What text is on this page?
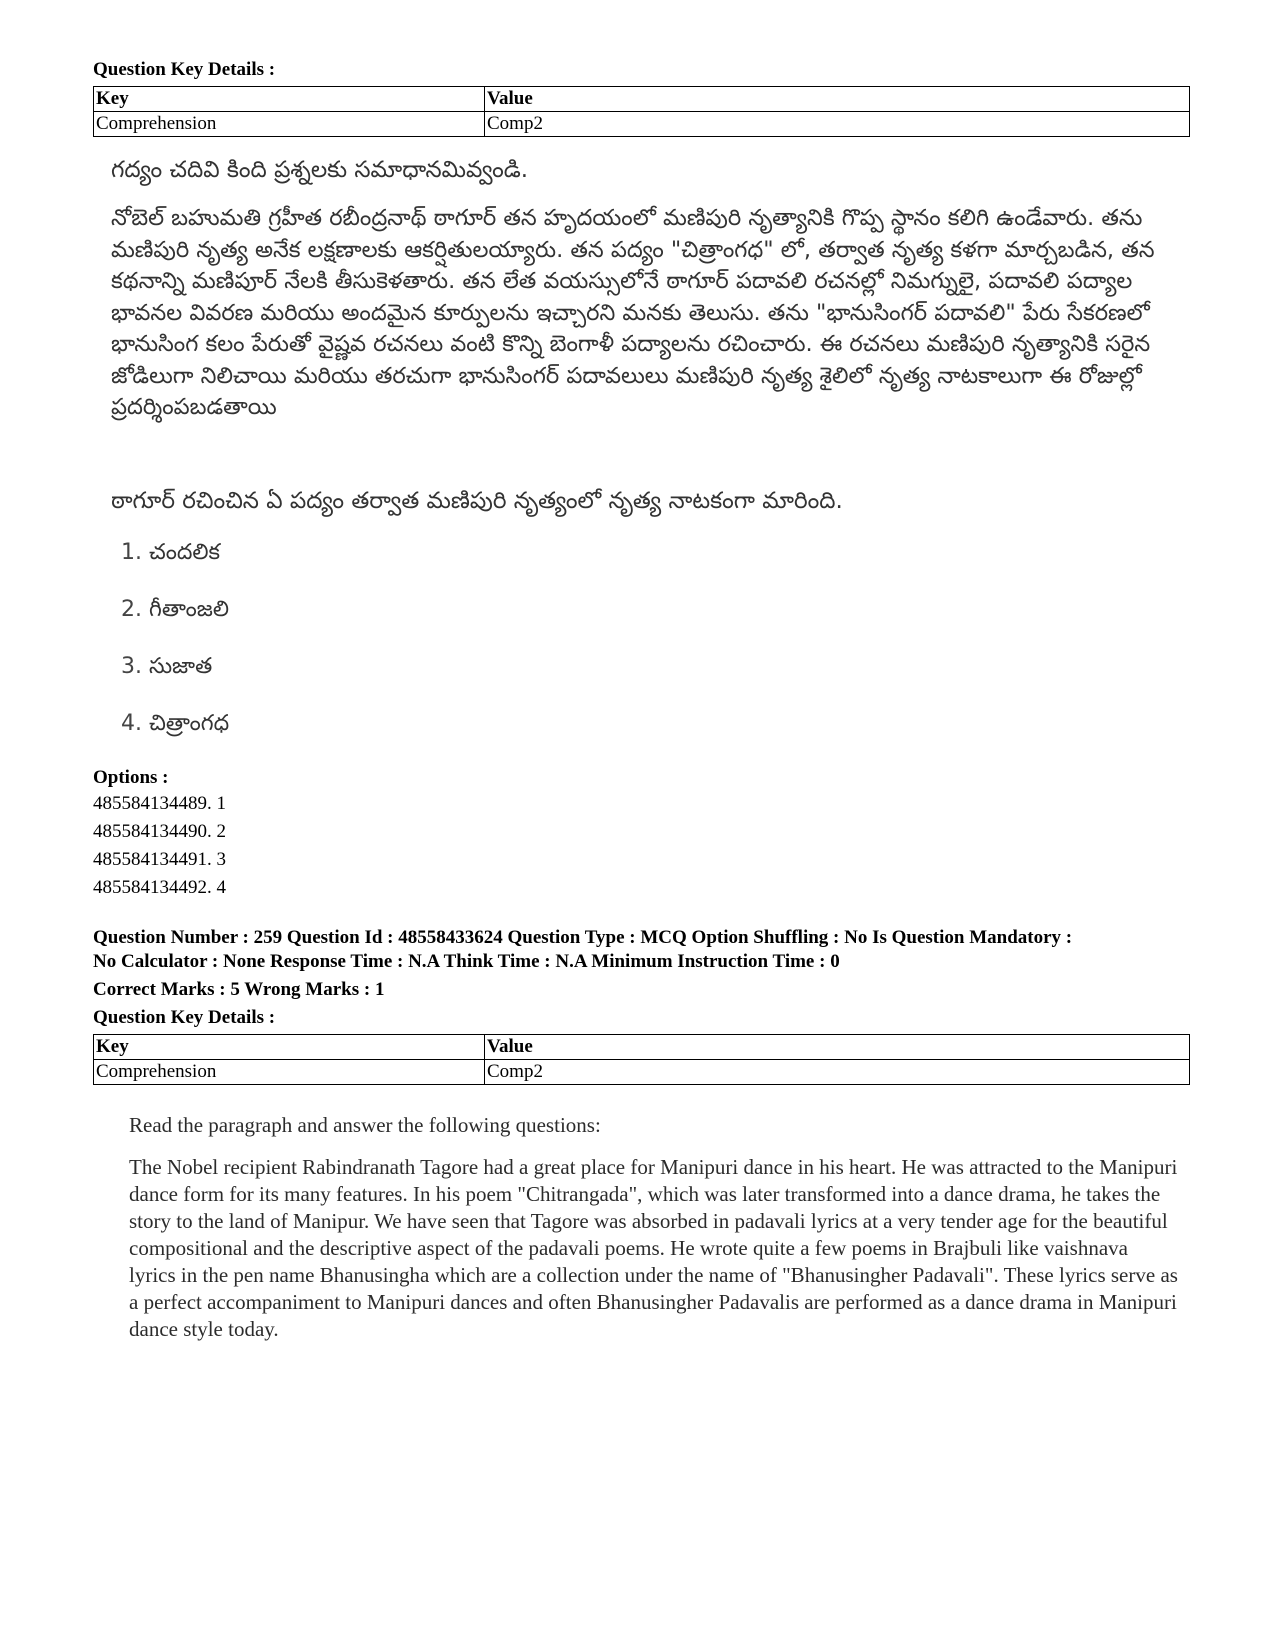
Question Key Details :
Key	Value
Comprehension	Comp2
గద్యం చదివి కింది ప్రశ్నలకు సమాధానమివ్వండి.
నోబెల్ బహుమతి గ్రహీత రబీంద్రనాథ్ ఠాగూర్ తన హృదయంలో మణిపురి నృత్యానికి గొప్ప స్థానం కలిగి ఉండేవారు. తను మణిపురి నృత్య అనేక లక్షణాలకు ఆకర్షితులయ్యారు. తన పద్యం "చిత్రాంగధ" లో, తర్వాత నృత్య కళగా మార్చబడిన, తన కథనాన్ని మణిపూర్ నేలకి తీసుకెళతారు. తన లేత వయస్సులోనే ఠాగూర్ పదావలి రచనల్లో నిమగ్నులై, పదావలి పద్యాల భావనల వివరణ మరియు అందమైన కూర్పులను ఇచ్చారని మనకు తెలుసు. తను "భానుసింగర్ పదావలి" పేరు సేకరణలో భానుసింగ కలం పేరుతో వైష్ణవ రచనలు వంటి కొన్ని బెంగాళీ పద్యాలను రచించారు. ఈ రచనలు మణిపురి నృత్యానికి సరైన జోడిలుగా నిలిచాయి మరియు తరచుగా భానుసింగర్ పదావలులు మణిపురి నృత్య శైలిలో నృత్య నాటకాలుగా ఈ రోజుల్లో ప్రదర్శింపబడతాయి
ఠాగూర్ రచించిన ఏ పద్యం తర్వాత మణిపురి నృత్యంలో నృత్య నాటకంగా మారింది.
1. చందలిక
2. గీతాంజలి
3. సుజాత
4. చిత్రాంగధ
Options :
485584134489. 1
485584134490. 2
485584134491. 3
485584134492. 4
Question Number : 259 Question Id : 48558433624 Question Type : MCQ Option Shuffling : No Is Question Mandatory :
No Calculator : None Response Time : N.A Think Time : N.A Minimum Instruction Time : 0
Correct Marks : 5 Wrong Marks : 1
Question Key Details :
Key	Value
Comprehension	Comp2
Read the paragraph and answer the following questions:
The Nobel recipient Rabindranath Tagore had a great place for Manipuri dance in his heart. He was attracted to the Manipuri dance form for its many features. In his poem "Chitrangada", which was later transformed into a dance drama, he takes the story to the land of Manipur. We have seen that Tagore was absorbed in padavali lyrics at a very tender age for the beautiful compositional and the descriptive aspect of the padavali poems. He wrote quite a few poems in Brajbuli like vaishnava lyrics in the pen name Bhanusingha which are a collection under the name of "Bhanusingher Padavali". These lyrics serve as a perfect accompaniment to Manipuri dances and often Bhanusingher Padavalis are performed as a dance drama in Manipuri dance style today.
